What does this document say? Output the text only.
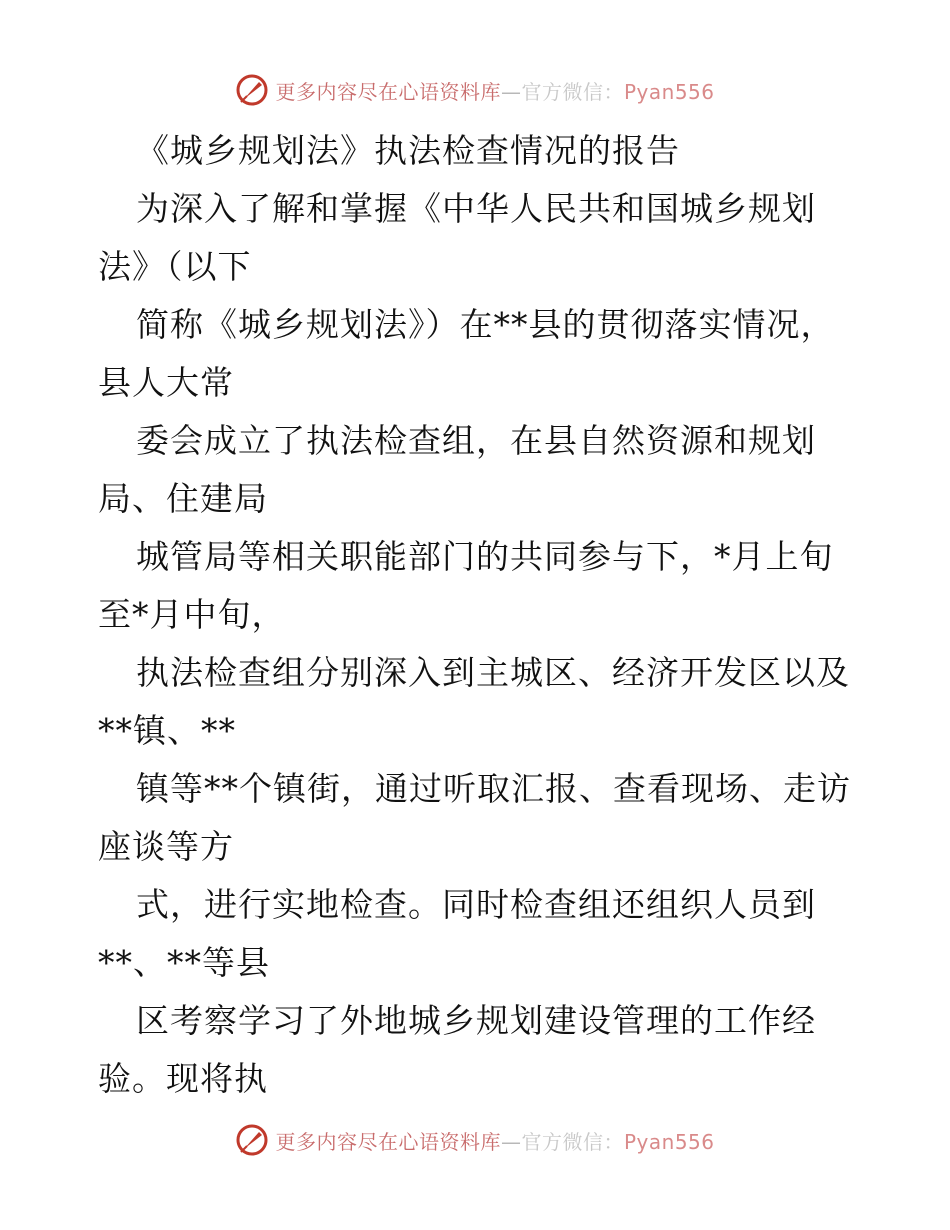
更多内容尽在心语资料库—官方微信：Pyan556
《城乡规划法》执法检查情况的报告
为深入了解和掌握《中华人民共和国城乡规划
法》（以下
简称《城乡规划法》）在**县的贯彻落实情况，
县人大常
委会成立了执法检查组，在县自然资源和规划
局、住建局
城管局等相关职能部门的共同参与下，*月上旬
至*月中旬，
执法检查组分别深入到主城区、经济开发区以及
**镇、**
镇等**个镇街，通过听取汇报、查看现场、走访
座谈等方
式，进行实地检查。同时检查组还组织人员到
**、**等县
区考察学习了外地城乡规划建设管理的工作经
验。现将执
更多内容尽在心语资料库—官方微信：Pyan556
